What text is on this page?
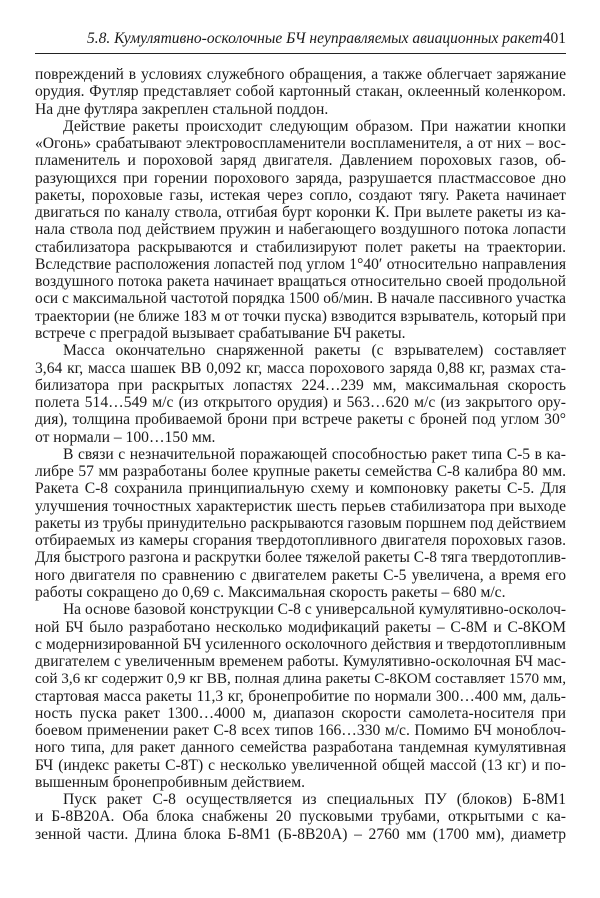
5.8. Кумулятивно-осколочные БЧ неуправляемых авиационных ракет 401
повреждений в условиях служебного обращения, а также облегчает заряжание
орудия. Футляр представляет собой картонный стакан, оклеенный коленкором.
На дне футляра закреплен стальной поддон.
Действие ракеты происходит следующим образом. При нажатии кнопки
«Огонь» срабатывают электровоспламенители воспламенителя, а от них – вос-
пламенитель и пороховой заряд двигателя. Давлением пороховых газов, об-
разующихся при горении порохового заряда, разрушается пластмассовое дно
ракеты, пороховые газы, истекая через сопло, создают тягу. Ракета начинает
двигаться по каналу ствола, отгибая бурт коронки К. При вылете ракеты из ка-
нала ствола под действием пружин и набегающего воздушного потока лопасти
стабилизатора раскрываются и стабилизируют полет ракеты на траектории.
Вследствие расположения лопастей под углом 1°40′ относительно направления
воздушного потока ракета начинает вращаться относительно своей продольной
оси с максимальной частотой порядка 1500 об/мин. В начале пассивного участка
траектории (не ближе 183 м от точки пуска) взводится взрыватель, который при
встрече с преградой вызывает срабатывание БЧ ракеты.
Масса окончательно снаряженной ракеты (с взрывателем) составляет
3,64 кг, масса шашек ВВ 0,092 кг, масса порохового заряда 0,88 кг, размах ста-
билизатора при раскрытых лопастях 224…239 мм, максимальная скорость
полета 514…549 м/с (из открытого орудия) и 563…620 м/с (из закрытого ору-
дия), толщина пробиваемой брони при встрече ракеты с броней под углом 30°
от нормали – 100…150 мм.
В связи с незначительной поражающей способностью ракет типа С-5 в ка-
либре 57 мм разработаны более крупные ракеты семейства С-8 калибра 80 мм.
Ракета С-8 сохранила принципиальную схему и компоновку ракеты С-5. Для
улучшения точностных характеристик шесть перьев стабилизатора при выходе
ракеты из трубы принудительно раскрываются газовым поршнем под действием
отбираемых из камеры сгорания твердотопливного двигателя пороховых газов.
Для быстрого разгона и раскрутки более тяжелой ракеты С-8 тяга твердотоплив-
ного двигателя по сравнению с двигателем ракеты С-5 увеличена, а время его
работы сокращено до 0,69 с. Максимальная скорость ракеты – 680 м/с.
На основе базовой конструкции С-8 с универсальной кумулятивно-осколоч-
ной БЧ было разработано несколько модификаций ракеты – С-8М и С-8КОМ
с модернизированной БЧ усиленного осколочного действия и твердотопливным
двигателем с увеличенным временем работы. Кумулятивно-осколочная БЧ мас-
сой 3,6 кг содержит 0,9 кг ВВ, полная длина ракеты С-8КОМ составляет 1570 мм,
стартовая масса ракеты 11,3 кг, бронепробитие по нормали 300…400 мм, даль-
ность пуска ракет 1300…4000 м, диапазон скорости самолета-носителя при
боевом применении ракет С-8 всех типов 166…330 м/с. Помимо БЧ моноблоч-
ного типа, для ракет данного семейства разработана тандемная кумулятивная
БЧ (индекс ракеты С-8Т) с несколько увеличенной общей массой (13 кг) и по-
вышенным бронепробивным действием.
Пуск ракет С-8 осуществляется из специальных ПУ (блоков) Б-8М1
и Б-8В20А. Оба блока снабжены 20 пусковыми трубами, открытыми с ка-
зенной части. Длина блока Б-8М1 (Б-8В20А) – 2760 мм (1700 мм), диаметр
